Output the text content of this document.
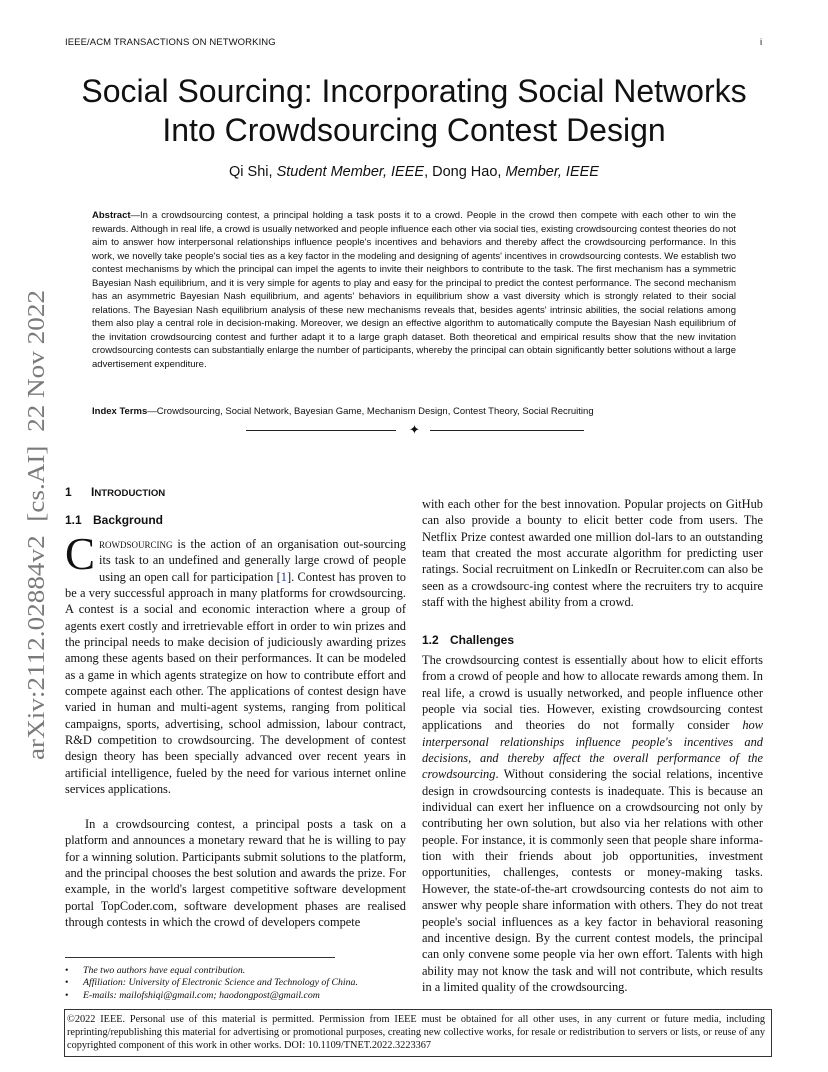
IEEE/ACM TRANSACTIONS ON NETWORKING	i
arXiv:2112.02884v2  [cs.AI]  22 Nov 2022
Social Sourcing: Incorporating Social Networks
Into Crowdsourcing Contest Design
Qi Shi, Student Member, IEEE, Dong Hao, Member, IEEE
Abstract—In a crowdsourcing contest, a principal holding a task posts it to a crowd. People in the crowd then compete with each other to win the rewards. Although in real life, a crowd is usually networked and people influence each other via social ties, existing crowdsourcing contest theories do not aim to answer how interpersonal relationships influence people's incentives and behaviors and thereby affect the crowdsourcing performance. In this work, we novelly take people's social ties as a key factor in the modeling and designing of agents' incentives in crowdsourcing contests. We establish two contest mechanisms by which the principal can impel the agents to invite their neighbors to contribute to the task. The first mechanism has a symmetric Bayesian Nash equilibrium, and it is very simple for agents to play and easy for the principal to predict the contest performance. The second mechanism has an asymmetric Bayesian Nash equilibrium, and agents' behaviors in equilibrium show a vast diversity which is strongly related to their social relations. The Bayesian Nash equilibrium analysis of these new mechanisms reveals that, besides agents' intrinsic abilities, the social relations among them also play a central role in decision-making. Moreover, we design an effective algorithm to automatically compute the Bayesian Nash equilibrium of the invitation crowdsourcing contest and further adapt it to a large graph dataset. Both theoretical and empirical results show that the new invitation crowdsourcing contests can substantially enlarge the number of participants, whereby the principal can obtain significantly better solutions without a large advertisement expenditure.
Index Terms—Crowdsourcing, Social Network, Bayesian Game, Mechanism Design, Contest Theory, Social Recruiting
✦
1 INTRODUCTION
1.1 Background
Crowdsourcing is the action of an organisation out-sourcing its task to an undefined and generally large crowd of people using an open call for participation [1]. Contest has proven to be a very successful approach in many platforms for crowdsourcing. A contest is a social and economic interaction where a group of agents exert costly and irretrievable effort in order to win prizes and the principal needs to make decision of judiciously awarding prizes among these agents based on their performances. It can be modeled as a game in which agents strategize on how to contribute effort and compete against each other. The applications of contest design have varied in human and multi-agent systems, ranging from political campaigns, sports, advertising, school admission, labour contract, R&D competition to crowdsourcing. The development of contest design theory has been specially advanced over recent years in artificial intelligence, fueled by the need for various internet online services applications.
In a crowdsourcing contest, a principal posts a task on a platform and announces a monetary reward that he is willing to pay for a winning solution. Participants submit solutions to the platform, and the principal chooses the best solution and awards the prize. For example, in the world's largest competitive software development portal TopCoder.com, software development phases are realised through contests in which the crowd of developers compete
with each other for the best innovation. Popular projects on GitHub can also provide a bounty to elicit better code from users. The Netflix Prize contest awarded one million dol-lars to an outstanding team that created the most accurate algorithm for predicting user ratings. Social recruitment on LinkedIn or Recruiter.com can also be seen as a crowdsourc-ing contest where the recruiters try to acquire staff with the highest ability from a crowd.
1.2 Challenges
The crowdsourcing contest is essentially about how to elicit efforts from a crowd of people and how to allocate rewards among them. In real life, a crowd is usually networked, and people influence other people via social ties. However, existing crowdsourcing contest applications and theories do not formally consider how interpersonal relationships influence people's incentives and decisions, and thereby affect the overall performance of the crowdsourcing. Without considering the social relations, incentive design in crowdsourcing contests is inadequate. This is because an individual can exert her influence on a crowdsourcing not only by contributing her own solution, but also via her relations with other people. For instance, it is commonly seen that people share informa-tion with their friends about job opportunities, investment opportunities, challenges, contests or money-making tasks. However, the state-of-the-art crowdsourcing contests do not aim to answer why people share information with others. They do not treat people's social influences as a key factor in behavioral reasoning and incentive design. By the current contest models, the principal can only convene some people via her own effort. Talents with high ability may not know the task and will not contribute, which results in a limited quality of the crowdsourcing.
• The two authors have equal contribution.
• Affiliation: University of Electronic Science and Technology of China.
• E-mails: mailofshiqi@gmail.com; haodongpost@gmail.com
©2022 IEEE. Personal use of this material is permitted. Permission from IEEE must be obtained for all other uses, in any current or future media, including reprinting/republishing this material for advertising or promotional purposes, creating new collective works, for resale or redistribution to servers or lists, or reuse of any copyrighted component of this work in other works. DOI: 10.1109/TNET.2022.3223367
